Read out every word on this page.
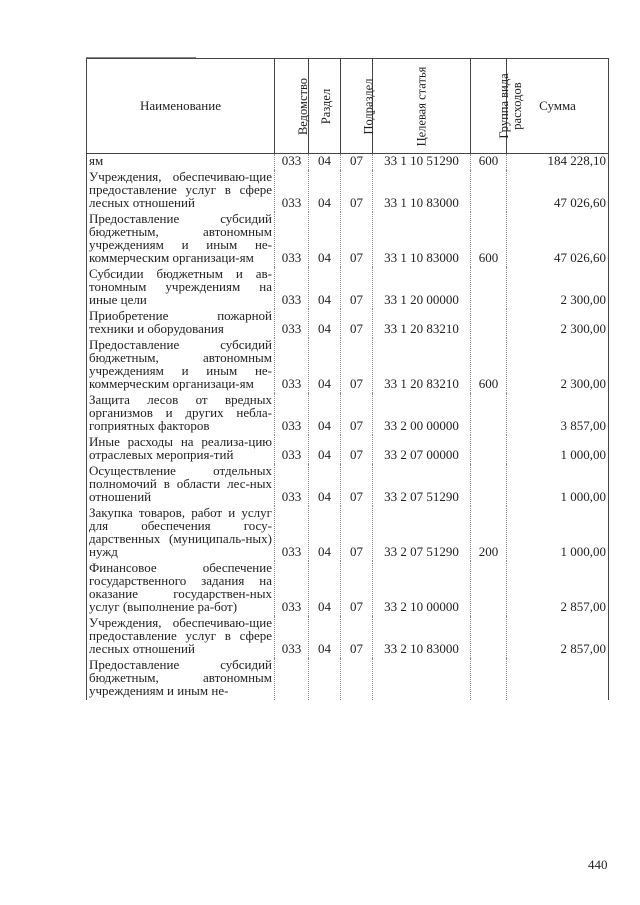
Наименование	Ведомство	Раздел	Подраздел	Целевая статья	Группа вида расходов	Сумма
ям	033	04	07	33 1 10 51290	600	184 228,10
Учреждения, обеспечиваю-щие предоставление услуг в сфере лесных отношений	033	04	07	33 1 10 83000		47 026,60
Предоставление субсидий бюджетным, автономным учреждениям и иным не-коммерческим организаци-ям	033	04	07	33 1 10 83000	600	47 026,60
Субсидии бюджетным и ав-тономным учреждениям на иные цели	033	04	07	33 1 20 00000		2 300,00
Приобретение пожарной техники и оборудования	033	04	07	33 1 20 83210		2 300,00
Предоставление субсидий бюджетным, автономным учреждениям и иным не-коммерческим организаци-ям	033	04	07	33 1 20 83210	600	2 300,00
Защита лесов от вредных организмов и других небла-гоприятных факторов	033	04	07	33 2 00 00000		3 857,00
Иные расходы на реализа-цию отраслевых мероприя-тий	033	04	07	33 2 07 00000		1 000,00
Осуществление отдельных полномочий в области лес-ных отношений	033	04	07	33 2 07 51290		1 000,00
Закупка товаров, работ и услуг для обеспечения госу-дарственных (муниципаль-ных) нужд	033	04	07	33 2 07 51290	200	1 000,00
Финансовое обеспечение государственного задания на оказание государствен-ных услуг (выполнение ра-бот)	033	04	07	33 2 10 00000		2 857,00
Учреждения, обеспечиваю-щие предоставление услуг в сфере лесных отношений	033	04	07	33 2 10 83000		2 857,00
Предоставление субсидий бюджетным, автономным учреждениям и иным не-						
440
